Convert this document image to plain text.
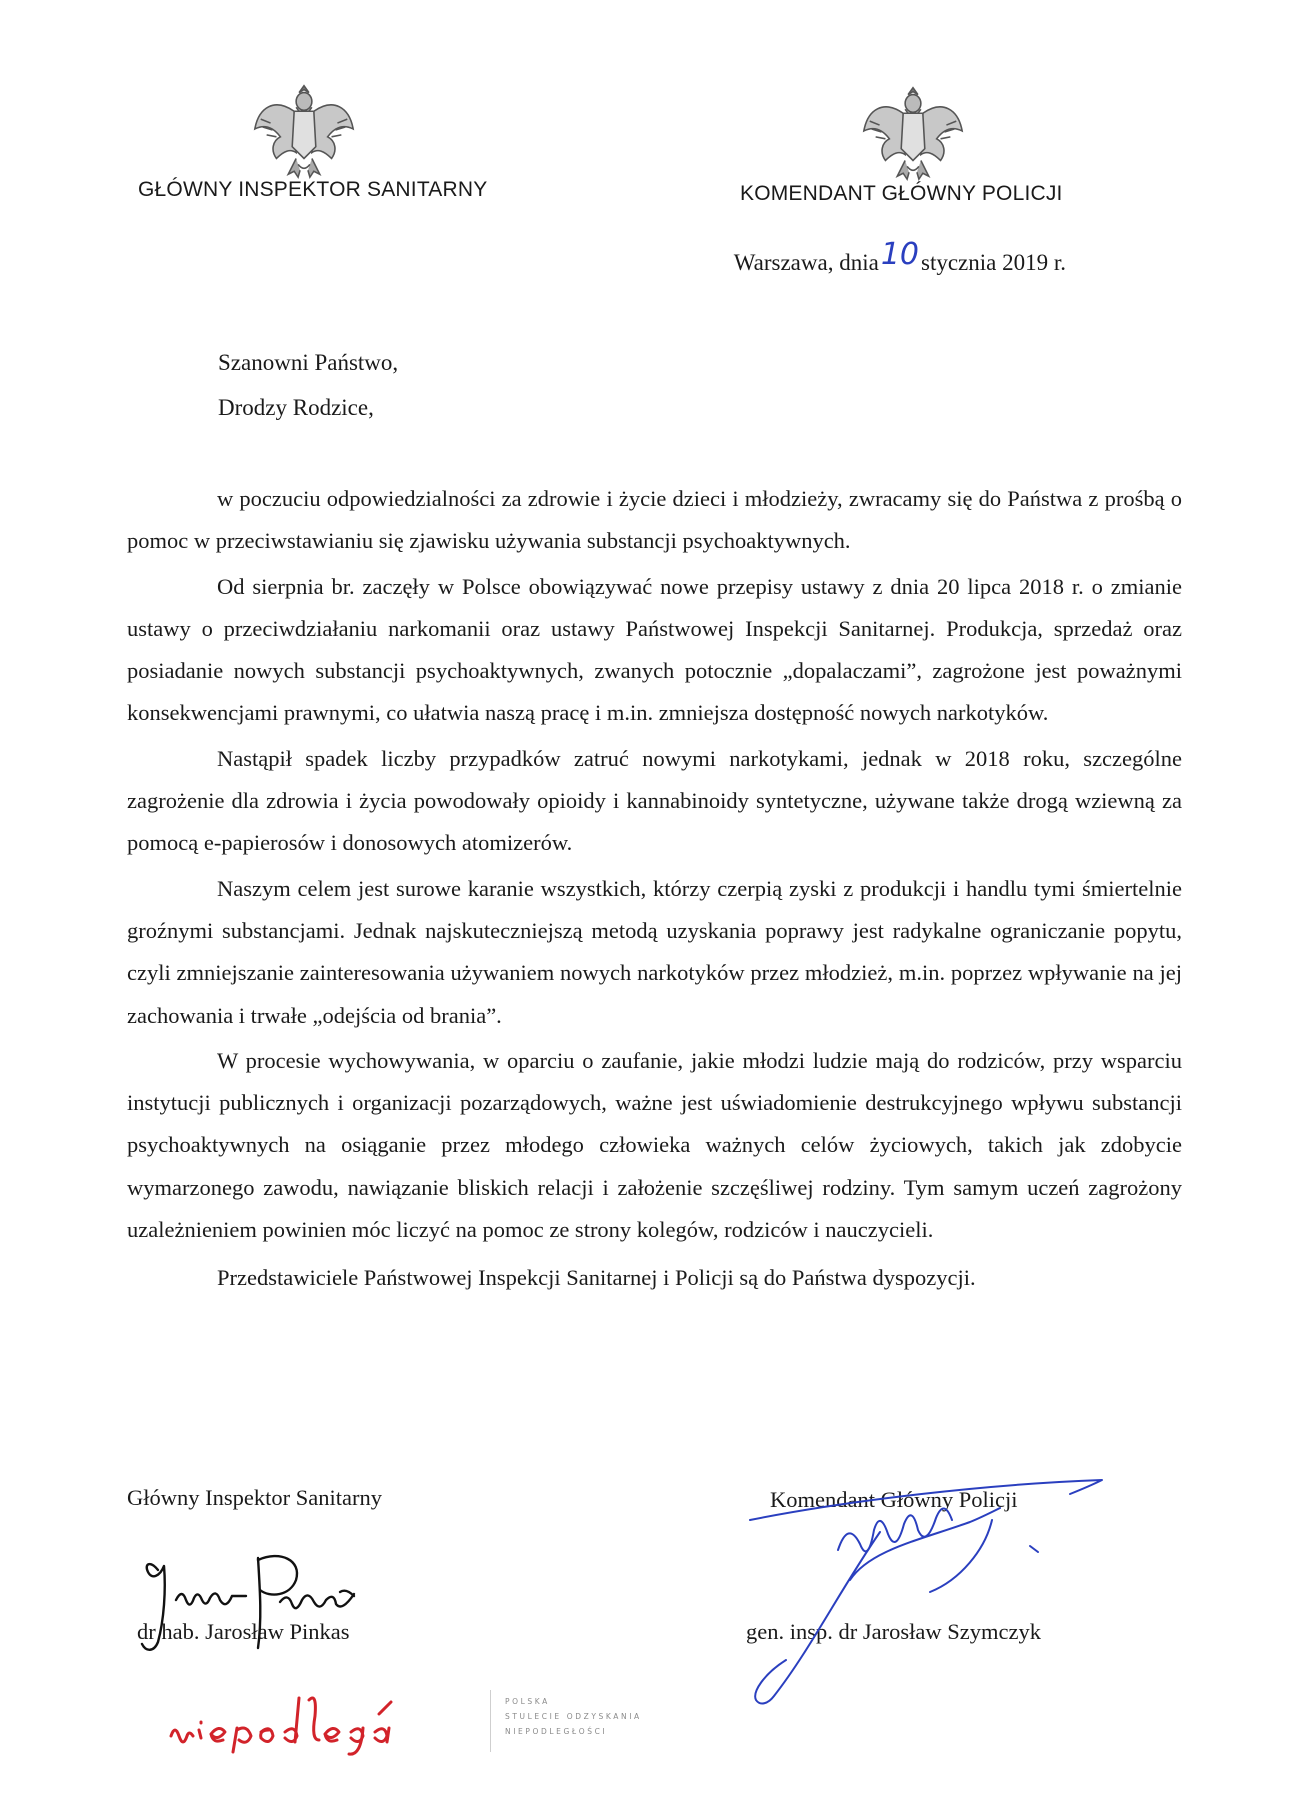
GŁÓWNY INSPEKTOR SANITARNY	KOMENDANT GŁÓWNY POLICJI
Warszawa, dnia10stycznia 2019 r.
Szanowni Państwo,
Drodzy Rodzice,

w poczuciu odpowiedzialności za zdrowie i życie dzieci i młodzieży, zwracamy się do Państwa z prośbą o pomoc w przeciwstawianiu się zjawisku używania substancji psychoaktywnych.

Od sierpnia br. zaczęły w Polsce obowiązywać nowe przepisy ustawy z dnia 20 lipca 2018 r. o zmianie ustawy o przeciwdziałaniu narkomanii oraz ustawy Państwowej Inspekcji Sanitarnej. Produkcja, sprzedaż oraz posiadanie nowych substancji psychoaktywnych, zwanych potocznie „dopalaczami”, zagrożone jest poważnymi konsekwencjami prawnymi, co ułatwia naszą pracę i m.in. zmniejsza dostępność nowych narkotyków.

Nastąpił spadek liczby przypadków zatruć nowymi narkotykami, jednak w 2018 roku, szczególne zagrożenie dla zdrowia i życia powodowały opioidy i kannabinoidy syntetyczne, używane także drogą wziewną za pomocą e-papierosów i donosowych atomizerów.

Naszym celem jest surowe karanie wszystkich, którzy czerpią zyski z produkcji i handlu tymi śmiertelnie groźnymi substancjami. Jednak najskuteczniejszą metodą uzyskania poprawy jest radykalne ograniczanie popytu, czyli zmniejszanie zainteresowania używaniem nowych narkotyków przez młodzież, m.in. poprzez wpływanie na jej zachowania i trwałe „odejścia od brania”.

W procesie wychowywania, w oparciu o zaufanie, jakie młodzi ludzie mają do rodziców, przy wsparciu instytucji publicznych i organizacji pozarządowych, ważne jest uświadomienie destrukcyjnego wpływu substancji psychoaktywnych na osiąganie przez młodego człowieka ważnych celów życiowych, takich jak zdobycie wymarzonego zawodu, nawiązanie bliskich relacji i założenie szczęśliwej rodziny. Tym samym uczeń zagrożony uzależnieniem powinien móc liczyć na pomoc ze strony kolegów, rodziców i nauczycieli.

Przedstawiciele Państwowej Inspekcji Sanitarnej i Policji są do Państwa dyspozycji.

Główny Inspektor Sanitarny	Komendant Główny Policji
dr hab. Jarosław Pinkas	gen. insp. dr Jarosław Szymczyk
POLSKA
STULECIE ODZYSKANIA
NIEPODLEGŁOŚCI
